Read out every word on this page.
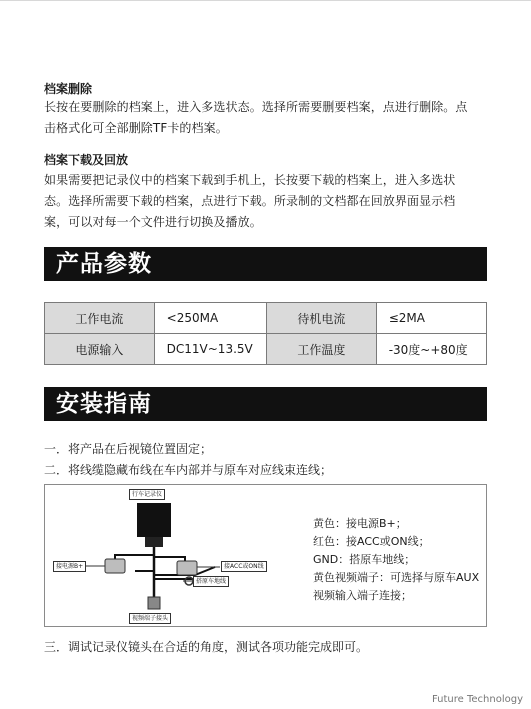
档案删除
长按在要删除的档案上，进入多选状态。选择所需要删要档案，点进行删除。点
击格式化可全部删除TF卡的档案。
档案下载及回放
如果需要把记录仪中的档案下载到手机上，长按要下载的档案上，进入多选状
态。选择所需要下载的档案，点进行下载。所录制的文档都在回放界面显示档
案，可以对每一个文件进行切换及播放。
产品参数
工作电流	<250MA	待机电流	≤2MA
电源输入	DC11V~13.5V	工作温度	-30度~+80度
安装指南
一．将产品在后视镜位置固定；
二．将线缆隐藏布线在车内部并与原车对应线束连线；
行车记录仪
接电源B+	接ACC或ON线
搭原车地线
视频端子接头
黄色：接电源B+；
红色：接ACC或ON线；
GND：搭原车地线；
黄色视频端子：可选择与原车AUX
视频输入端子连接；
三．调试记录仪镜头在合适的角度，测试各项功能完成即可。
Future Technology
